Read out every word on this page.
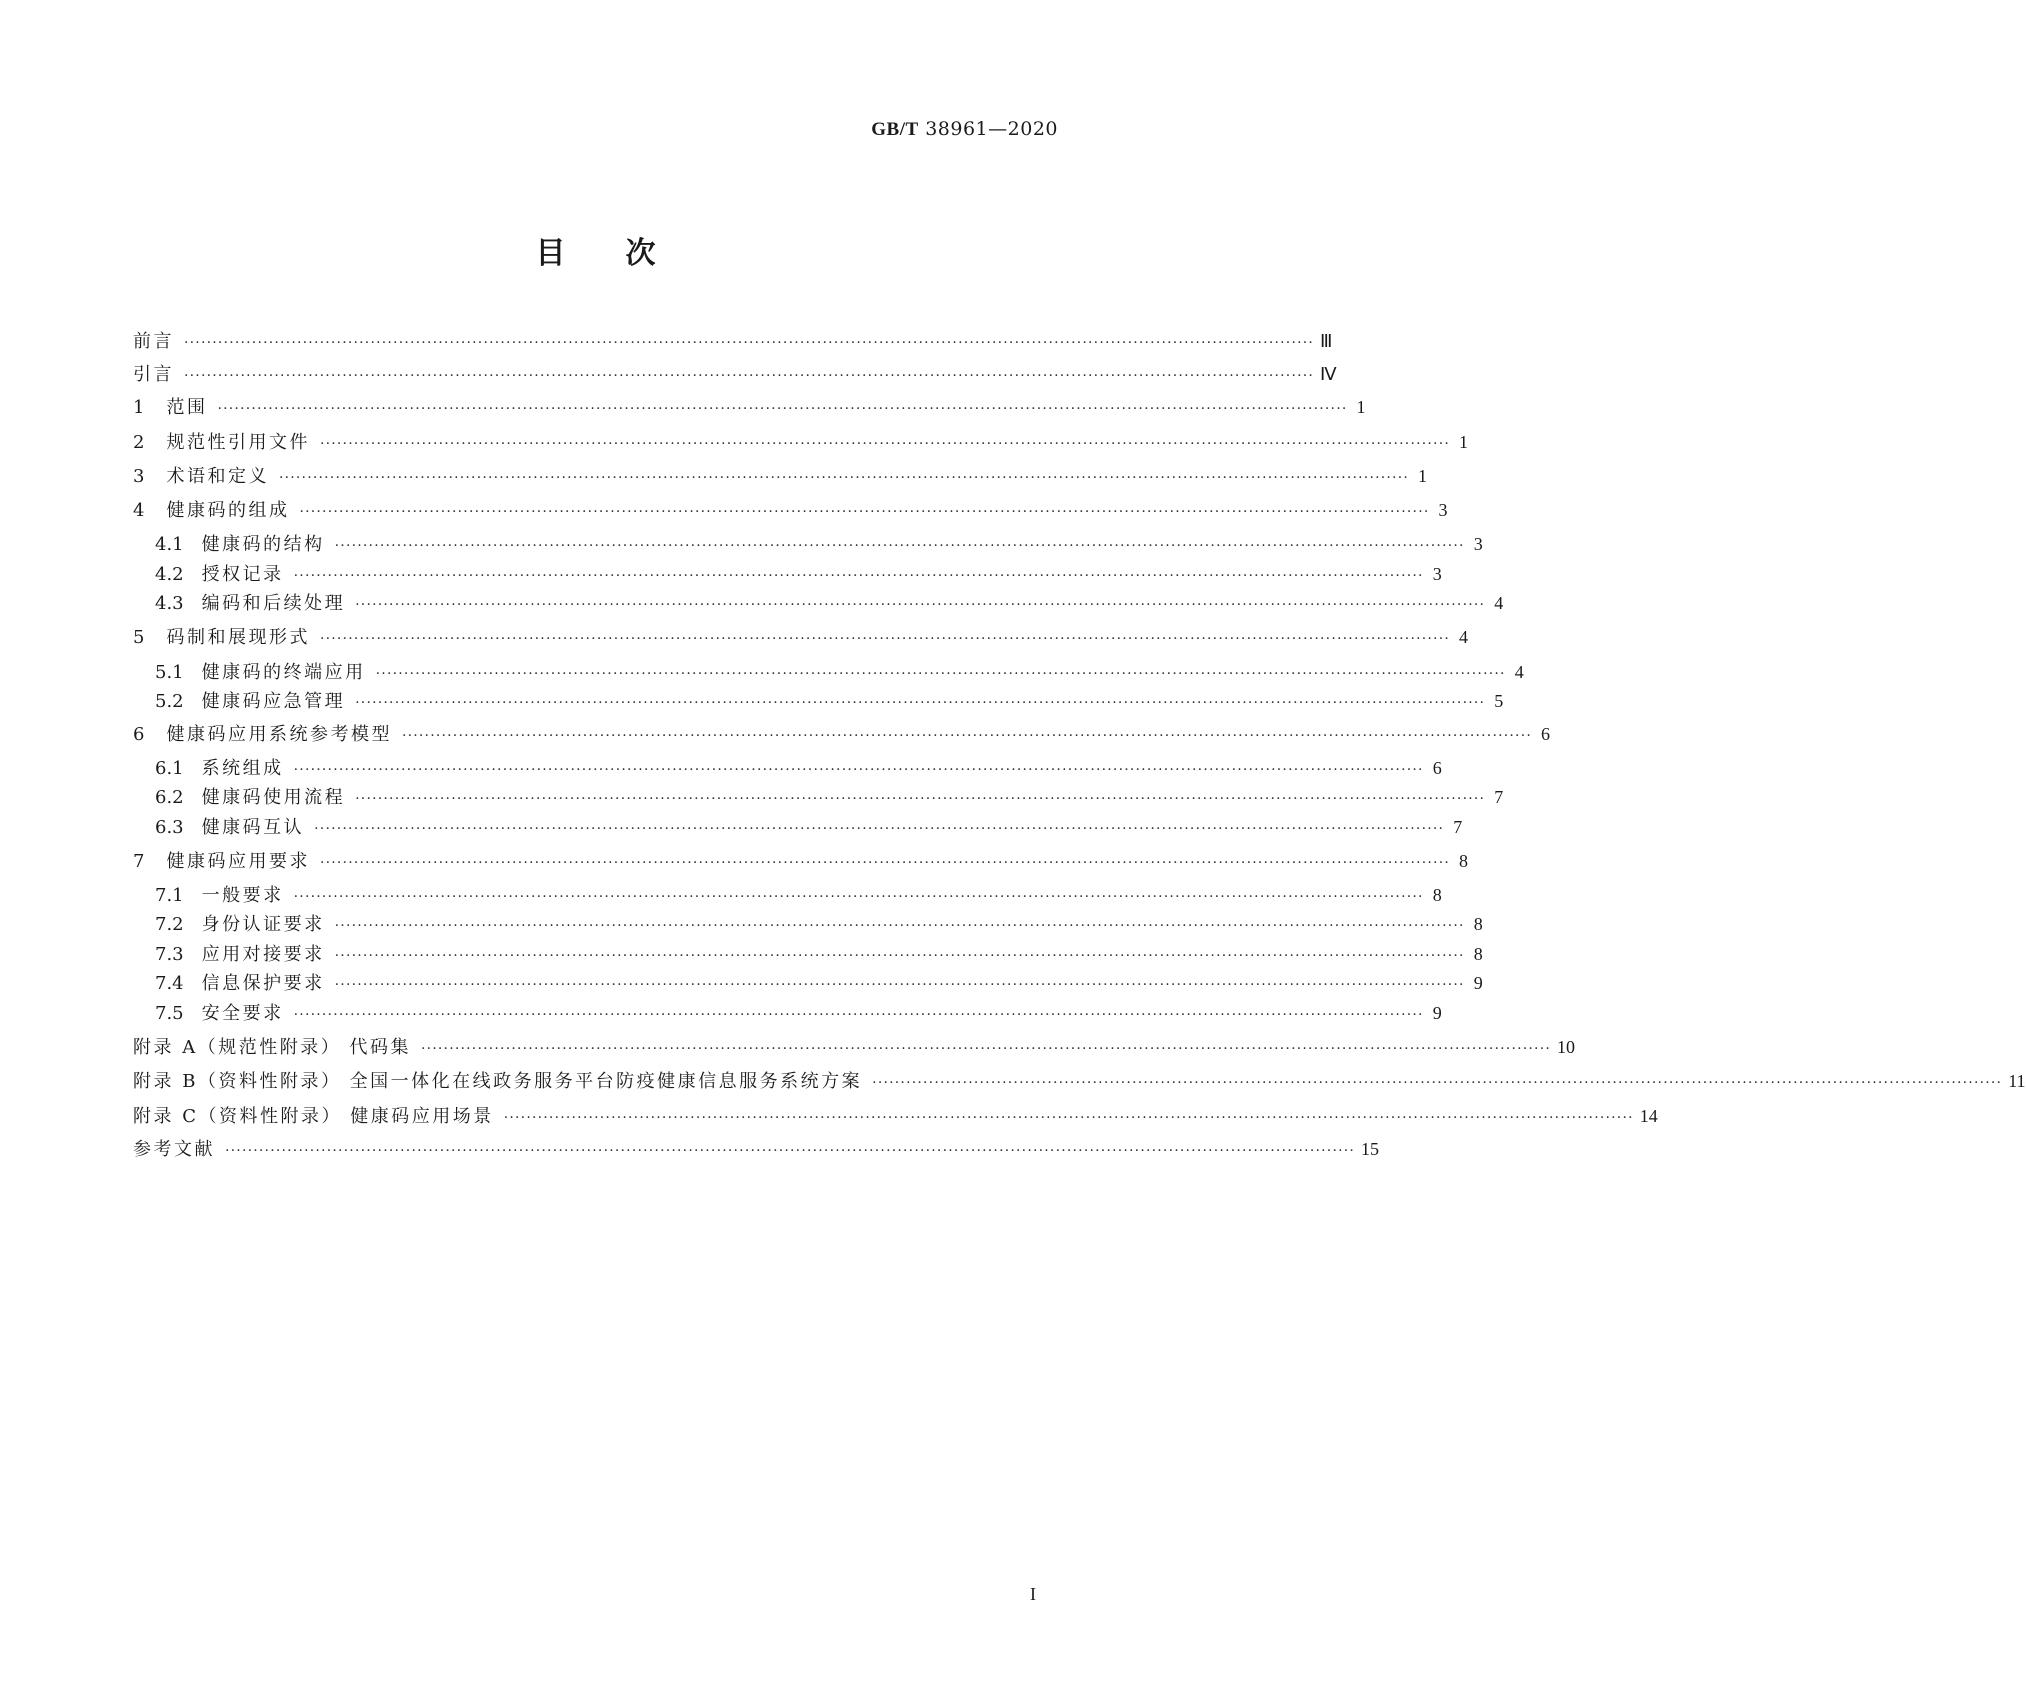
GB/T 38961—2020
目次
前言 ········································································································································································································ Ⅲ
引言 ········································································································································································································ Ⅳ
1 范围 ········································································································································································································ 1
2 规范性引用文件 ········································································································································································································ 1
3 术语和定义 ········································································································································································································ 1
4 健康码的组成 ········································································································································································································ 3
4.1 健康码的结构 ········································································································································································································ 3
4.2 授权记录 ········································································································································································································ 3
4.3 编码和后续处理 ········································································································································································································ 4
5 码制和展现形式 ········································································································································································································ 4
5.1 健康码的终端应用 ········································································································································································································ 4
5.2 健康码应急管理 ········································································································································································································ 5
6 健康码应用系统参考模型 ········································································································································································································ 6
6.1 系统组成 ········································································································································································································ 6
6.2 健康码使用流程 ········································································································································································································ 7
6.3 健康码互认 ········································································································································································································ 7
7 健康码应用要求 ········································································································································································································ 8
7.1 一般要求 ········································································································································································································ 8
7.2 身份认证要求 ········································································································································································································ 8
7.3 应用对接要求 ········································································································································································································ 8
7.4 信息保护要求 ········································································································································································································ 9
7.5 安全要求 ········································································································································································································ 9
附录 A（规范性附录） 代码集 ········································································································································································································ 10
附录 B（资料性附录） 全国一体化在线政务服务平台防疫健康信息服务系统方案 ········································································································································································································ 11
附录 C（资料性附录） 健康码应用场景 ········································································································································································································ 14
参考文献 ········································································································································································································ 15
I
